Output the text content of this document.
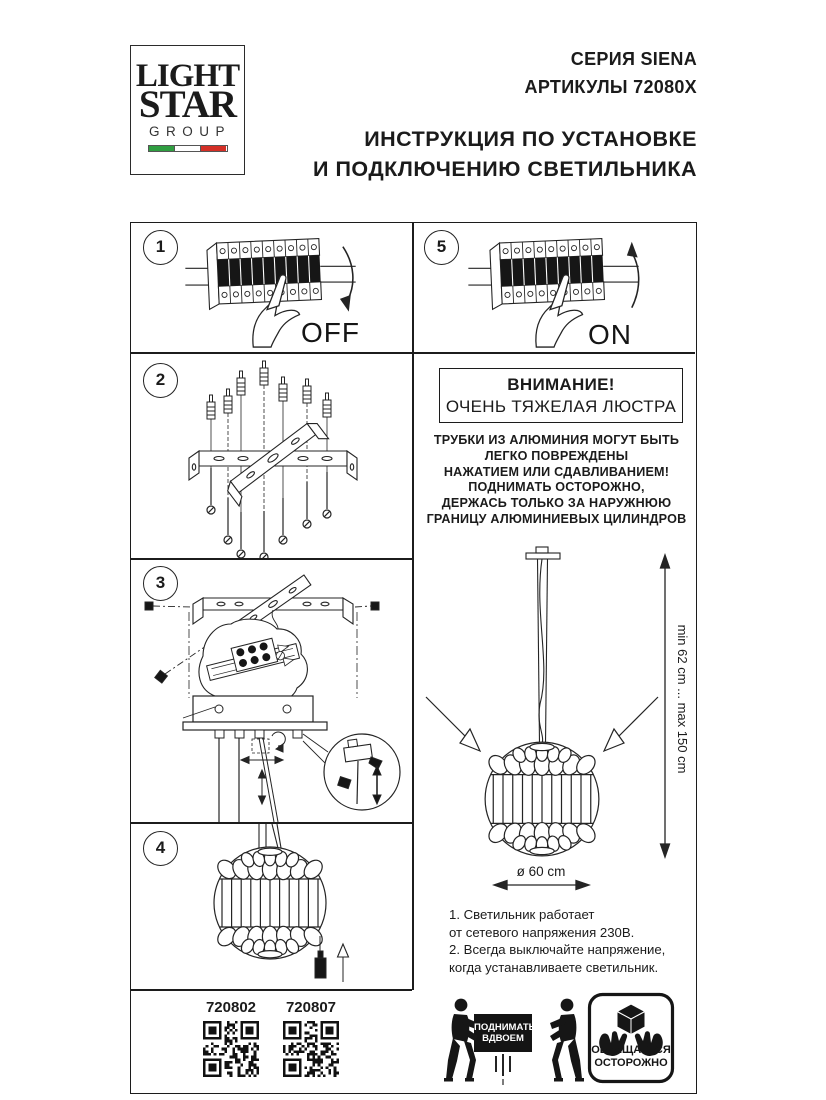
LIGHT
STAR
GROUP
СЕРИЯ SIENA
АРТИКУЛЫ 72080X
ИНСТРУКЦИЯ ПО УСТАНОВКЕ
И ПОДКЛЮЧЕНИЮ СВЕТИЛЬНИКА
1
OFF
5
ON
2
3
4
720802	720807
ВНИМАНИЕ!
ОЧЕНЬ ТЯЖЕЛАЯ ЛЮСТРА
ТРУБКИ ИЗ АЛЮМИНИЯ МОГУТ БЫТЬ
ЛЕГКО ПОВРЕЖДЕНЫ
НАЖАТИЕМ ИЛИ СДАВЛИВАНИЕМ!
ПОДНИМАТЬ ОСТОРОЖНО,
ДЕРЖАСЬ ТОЛЬКО ЗА НАРУЖНЮЮ
ГРАНИЦУ АЛЮМИНИЕВЫХ ЦИЛИНДРОВ
min 62 cm ... max 150 cm
ø 60 cm
1. Светильник работает
от сетевого напряжения 230В.
2. Всегда выключайте напряжение,
когда устанавливаете светильник.
ПОДНИМАТЬ
ВДВОЕМ
ОБРАЩАТЬСЯ
ОСТОРОЖНО
